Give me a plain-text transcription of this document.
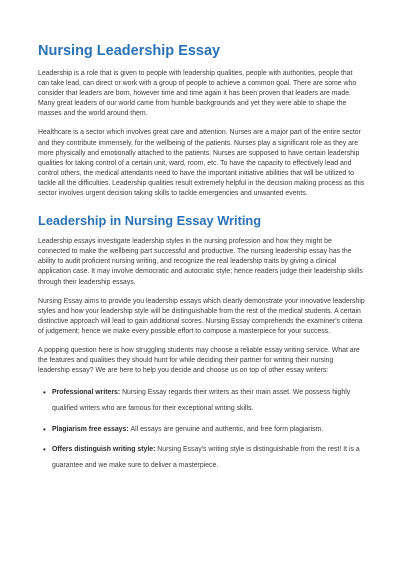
Nursing Leadership Essay

Leadership is a role that is given to people with leadership qualities, people with authorities, people that can take lead, can direct or work with a group of people to achieve a common goal. There are some who consider that leaders are born, however time and time again it has been proven that leaders are made. Many great leaders of our world came from humble backgrounds and yet they were able to shape the masses and the world around them.

Healthcare is a sector which involves great care and attention. Nurses are a major part of the entire sector and they contribute immensely, for the wellbeing of the patients. Nurses play a significant role as they are more physically and emotionally attached to the patients. Nurses are supposed to have certain leadership qualities for taking control of a certain unit, ward, room, etc. To have the capacity to effectively lead and control others, the medical attendants need to have the important initiative abilities that will be utilized to tackle all the difficulties. Leadership qualities result extremely helpful in the decision making process as this sector involves urgent decision taking skills to tackle emergencies and unwanted events.

Leadership in Nursing Essay Writing

Leadership essays investigate leadership styles in the nursing profession and how they might be connected to make the wellbeing part successful and productive. The nursing leadership essay has the ability to audit proficient nursing writing, and recognize the real leadership traits by giving a clinical application case. It may involve democratic and autocratic style; hence readers judge their leadership skills through their leadership essays.

Nursing Essay aims to provide you leadership essays which clearly demonstrate your innovative leadership styles and how your leadership style will be distinguishable from the rest of the medical students. A certain distinctive approach will lead to gain additional scores. Nursing Essay comprehends the examiner's criteria of judgement; hence we make every possible effort to compose a masterpiece for your success.

A popping question here is how struggling students may choose a reliable essay writing service. What are the features and qualities they should hunt for while deciding their partner for writing their nursing leadership essay? We are here to help you decide and choose us on top of other essay writers:

• Professional writers: Nursing Essay regards their writers as their main asset. We possess highly qualified writers who are famous for their exceptional writing skills.
• Plagiarism free essays: All essays are genuine and authentic, and free form plagiarism.
• Offers distinguish writing style: Nursing Essay's writing style is distinguishable from the rest! It is a guarantee and we make sure to deliver a masterpiece.
